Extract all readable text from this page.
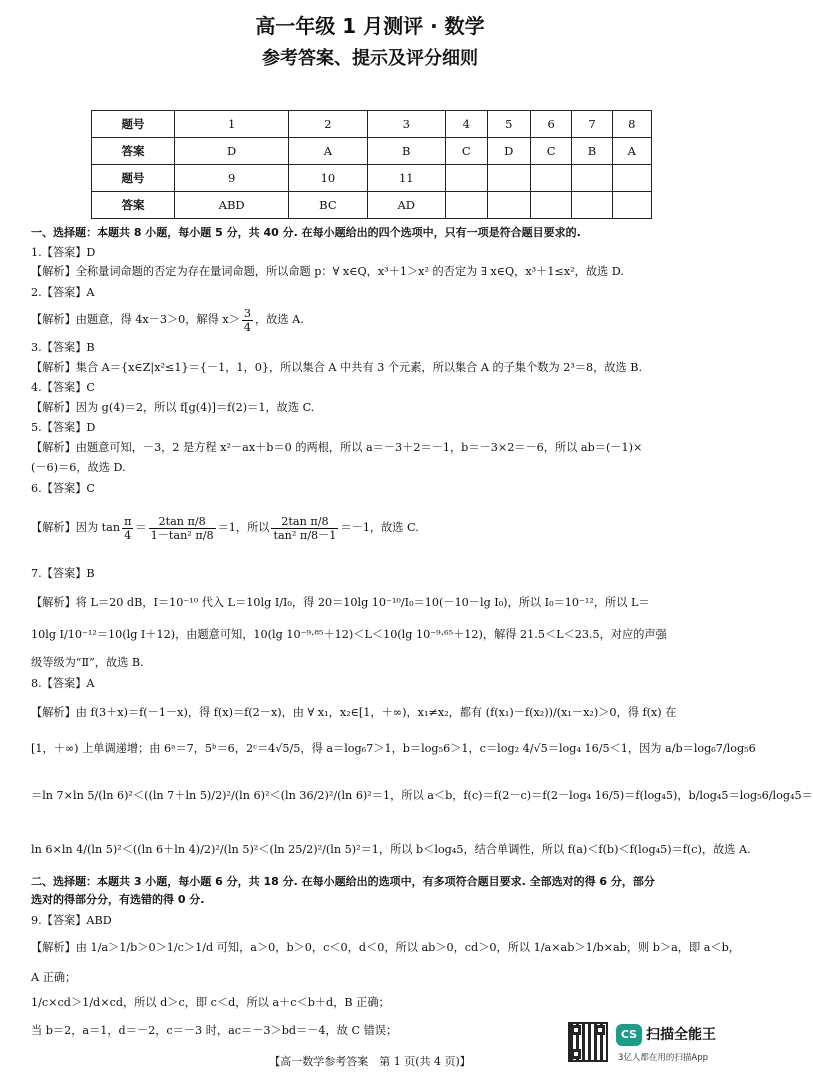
高一年级 1 月测评 · 数学
参考答案、提示及评分细则
题号	1	2	3	4	5	6	7	8
答案	D	A	B	C	D	C	B	A
题号	9	10	11					
答案	ABD	BC	AD					
一、选择题：本题共 8 小题，每小题 5 分，共 40 分. 在每小题给出的四个选项中，只有一项是符合题目要求的.
1.【答案】D
【解析】全称量词命题的否定为存在量词命题，所以命题 p：∀ x∈Q，x³＋1＞x² 的否定为 ∃ x∈Q，x³＋1≤x²，故选 D.
2.【答案】A
【解析】由题意，得 4x－3＞0，解得 $x> \frac{3}{4}$ ，故选 A.
3.【答案】B
【解析】集合 A＝{x∈Z|x²≤1}＝{－1，1，0}，所以集合 A 中共有 3 个元素，所以集合 A 的子集个数为 2³＝8，故选 B.
4.【答案】C
【解析】因为 g(4)＝2，所以 f[g(4)]＝f(2)＝1，故选 C.
5.【答案】D
【解析】由题意可知，－3，2 是方程 x²－ax＋b＝0 的两根，所以 a＝－3＋2＝－1，b＝－3×2＝－6，所以 ab＝(－1)×
(－6)＝6，故选 D.
6.【答案】C
【解析】因为 $\tan \frac{\pi}{4} = \frac{\text{2tan π/8}}{\text{1－tan² π/8}} =1$，所以 $\frac{\text{2tan π/8}}{\text{tan² π/8－1}} =-1$，故选 C.
7.【答案】B
【解析】将 L＝20 dB，I＝10⁻¹⁰ 代入 L＝10lg I/I₀，得 20＝10lg 10⁻¹⁰/I₀＝10(－10－lg I₀)，所以 I₀＝10⁻¹²，所以 L＝
10lg I/10⁻¹²＝10(lg I＋12)，由题意可知，10(lg 10⁻⁹·⁸⁵＋12)＜L＜10(lg 10⁻⁹·⁶⁵＋12)，解得 21.5＜L＜23.5，对应的声强
级等级为“Ⅱ”，故选 B.
8.【答案】A
【解析】由 f(3＋x)＝f(－1－x)，得 f(x)＝f(2－x)，由 ∀ x₁，x₂∈[1，＋∞)，x₁≠x₂，都有 (f(x₁)－f(x₂))/(x₁－x₂)＞0，得 f(x) 在
[1，＋∞) 上单调递增；由 6ᵃ＝7，5ᵇ＝6，2ᶜ＝4√5/5，得 a＝log₆7＞1，b＝log₅6＞1，c＝log₂ 4/√5＝log₄ 16/5＜1，因为 a/b＝log₆7/log₅6
＝ln 7×ln 5/(ln 6)²＜((ln 7＋ln 5)/2)²/(ln 6)²＜(ln 36/2)²/(ln 6)²＝1，所以 a＜b，f(c)＝f(2－c)＝f(2－log₄ 16/5)＝f(log₄5)，b/log₄5＝log₅6/log₄5＝
ln 6×ln 4/(ln 5)²＜((ln 6＋ln 4)/2)²/(ln 5)²＜(ln 25/2)²/(ln 5)²＝1，所以 b＜log₄5，结合单调性，所以 f(a)＜f(b)＜f(log₄5)＝f(c)，故选 A.
二、选择题：本题共 3 小题，每小题 6 分，共 18 分. 在每小题给出的选项中，有多项符合题目要求. 全部选对的得 6 分，部分
选对的得部分分，有选错的得 0 分.
9.【答案】ABD
【解析】由 1/a＞1/b＞0＞1/c＞1/d 可知，a＞0，b＞0，c＜0，d＜0，所以 ab＞0，cd＞0，所以 1/a×ab＞1/b×ab，则 b＞a，即 a＜b，
A 正确；
1/c×cd＞1/d×cd，所以 d＞c，即 c＜d，所以 a＋c＜b＋d，B 正确；
当 b＝2，a＝1，d＝－2，c＝－3 时，ac＝－3＞bd＝－4，故 C 错误；
【高一数学参考答案　第 1 页(共 4 页)】
CS 扫描全能王
3亿人都在用的扫描App
